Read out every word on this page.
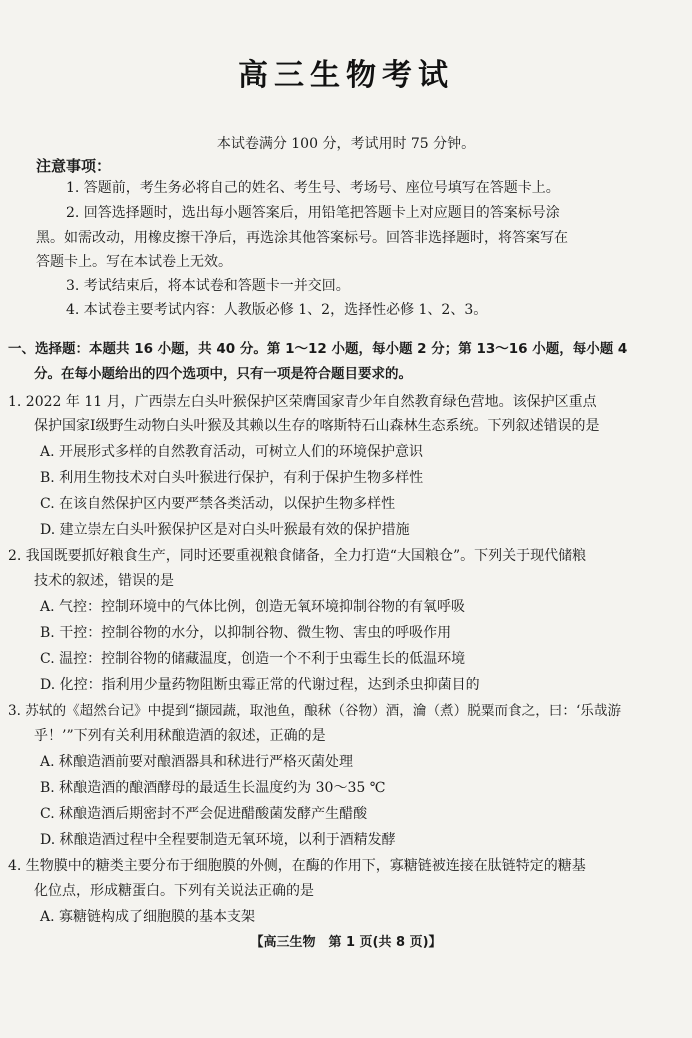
高三生物考试
本试卷满分 100 分，考试用时 75 分钟。
注意事项：
1. 答题前，考生务必将自己的姓名、考生号、考场号、座位号填写在答题卡上。
2. 回答选择题时，选出每小题答案后，用铅笔把答题卡上对应题目的答案标号涂
黑。如需改动，用橡皮擦干净后，再选涂其他答案标号。回答非选择题时，将答案写在
答题卡上。写在本试卷上无效。
3. 考试结束后，将本试卷和答题卡一并交回。
4. 本试卷主要考试内容：人教版必修 1、2，选择性必修 1、2、3。
一、选择题：本题共 16 小题，共 40 分。第 1～12 小题，每小题 2 分；第 13～16 小题，每小题 4
分。在每小题给出的四个选项中，只有一项是符合题目要求的。
1. 2022 年 11 月，广西崇左白头叶猴保护区荣膺国家青少年自然教育绿色营地。该保护区重点
保护国家Ⅰ级野生动物白头叶猴及其赖以生存的喀斯特石山森林生态系统。下列叙述错误的是
A. 开展形式多样的自然教育活动，可树立人们的环境保护意识
B. 利用生物技术对白头叶猴进行保护，有利于保护生物多样性
C. 在该自然保护区内要严禁各类活动，以保护生物多样性
D. 建立崇左白头叶猴保护区是对白头叶猴最有效的保护措施
2. 我国既要抓好粮食生产，同时还要重视粮食储备，全力打造“大国粮仓”。下列关于现代储粮
技术的叙述，错误的是
A. 气控：控制环境中的气体比例，创造无氧环境抑制谷物的有氧呼吸
B. 干控：控制谷物的水分，以抑制谷物、微生物、害虫的呼吸作用
C. 温控：控制谷物的储藏温度，创造一个不利于虫霉生长的低温环境
D. 化控：指利用少量药物阻断虫霉正常的代谢过程，达到杀虫抑菌目的
3. 苏轼的《超然台记》中提到“撷园蔬，取池鱼，酿秫（谷物）酒，瀹（煮）脱粟而食之，曰：‘乐哉游
乎！’”下列有关利用秫酿造酒的叙述，正确的是
A. 秫酿造酒前要对酿酒器具和秫进行严格灭菌处理
B. 秫酿造酒的酿酒酵母的最适生长温度约为 30～35 ℃
C. 秫酿造酒后期密封不严会促进醋酸菌发酵产生醋酸
D. 秫酿造酒过程中全程要制造无氧环境，以利于酒精发酵
4. 生物膜中的糖类主要分布于细胞膜的外侧，在酶的作用下，寡糖链被连接在肽链特定的糖基
化位点，形成糖蛋白。下列有关说法正确的是
A. 寡糖链构成了细胞膜的基本支架
【高三生物　第 1 页(共 8 页)】
